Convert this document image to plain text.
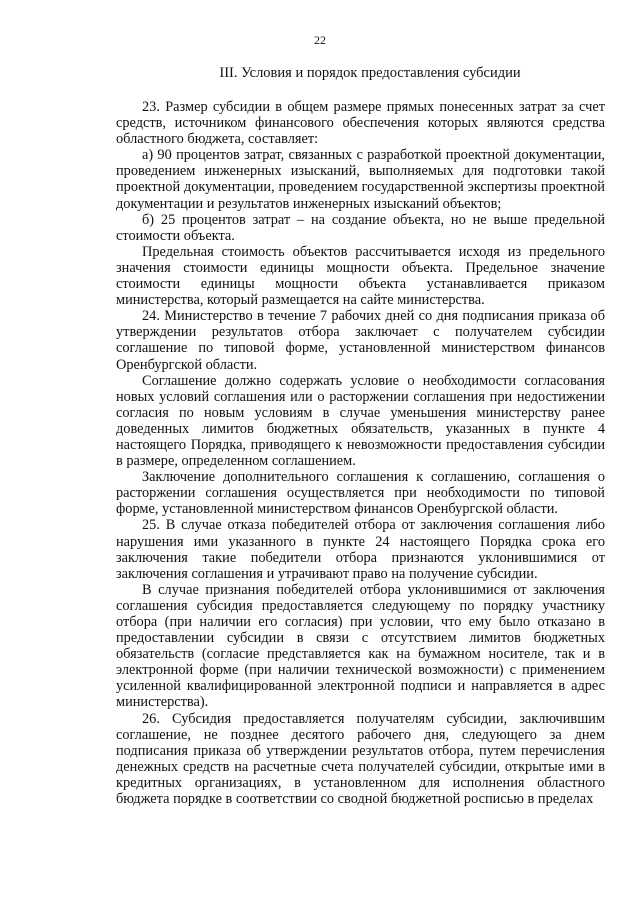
22
III. Условия и порядок предоставления субсидии

23. Размер субсидии в общем размере прямых понесенных затрат за счет средств, источником финансового обеспечения которых являются средства областного бюджета, составляет:

а) 90 процентов затрат, связанных с разработкой проектной документации, проведением инженерных изысканий, выполняемых для подготовки такой проектной документации, проведением государственной экспертизы проектной документации и результатов инженерных изысканий объектов;

б) 25 процентов затрат – на создание объекта, но не выше предельной стоимости объекта.

Предельная стоимость объектов рассчитывается исходя из предельного значения стоимости единицы мощности объекта. Предельное значение стоимости единицы мощности объекта устанавливается приказом министерства, который размещается на сайте министерства.

24. Министерство в течение 7 рабочих дней со дня подписания приказа об утверждении результатов отбора заключает с получателем субсидии соглашение по типовой форме, установленной министерством финансов Оренбургской области.

Соглашение должно содержать условие о необходимости согласования новых условий соглашения или о расторжении соглашения при недостижении согласия по новым условиям в случае уменьшения министерству ранее доведенных лимитов бюджетных обязательств, указанных в пункте 4 настоящего Порядка, приводящего к невозможности предоставления субсидии в размере, определенном соглашением.

Заключение дополнительного соглашения к соглашению, соглашения о расторжении соглашения осуществляется при необходимости по типовой форме, установленной министерством финансов Оренбургской области.

25. В случае отказа победителей отбора от заключения соглашения либо нарушения ими указанного в пункте 24 настоящего Порядка срока его заключения такие победители отбора признаются уклонившимися от заключения соглашения и утрачивают право на получение субсидии.

В случае признания победителей отбора уклонившимися от заключения соглашения субсидия предоставляется следующему по порядку участнику отбора (при наличии его согласия) при условии, что ему было отказано в предоставлении субсидии в связи с отсутствием лимитов бюджетных обязательств (согласие представляется как на бумажном носителе, так и в электронной форме (при наличии технической возможности) с применением усиленной квалифицированной электронной подписи и направляется в адрес министерства).

26. Субсидия предоставляется получателям субсидии, заключившим соглашение, не позднее десятого рабочего дня, следующего за днем подписания приказа об утверждении результатов отбора, путем перечисления денежных средств на расчетные счета получателей субсидии, открытые ими в кредитных организациях, в установленном для исполнения областного бюджета порядке в соответствии со сводной бюджетной росписью в пределах
